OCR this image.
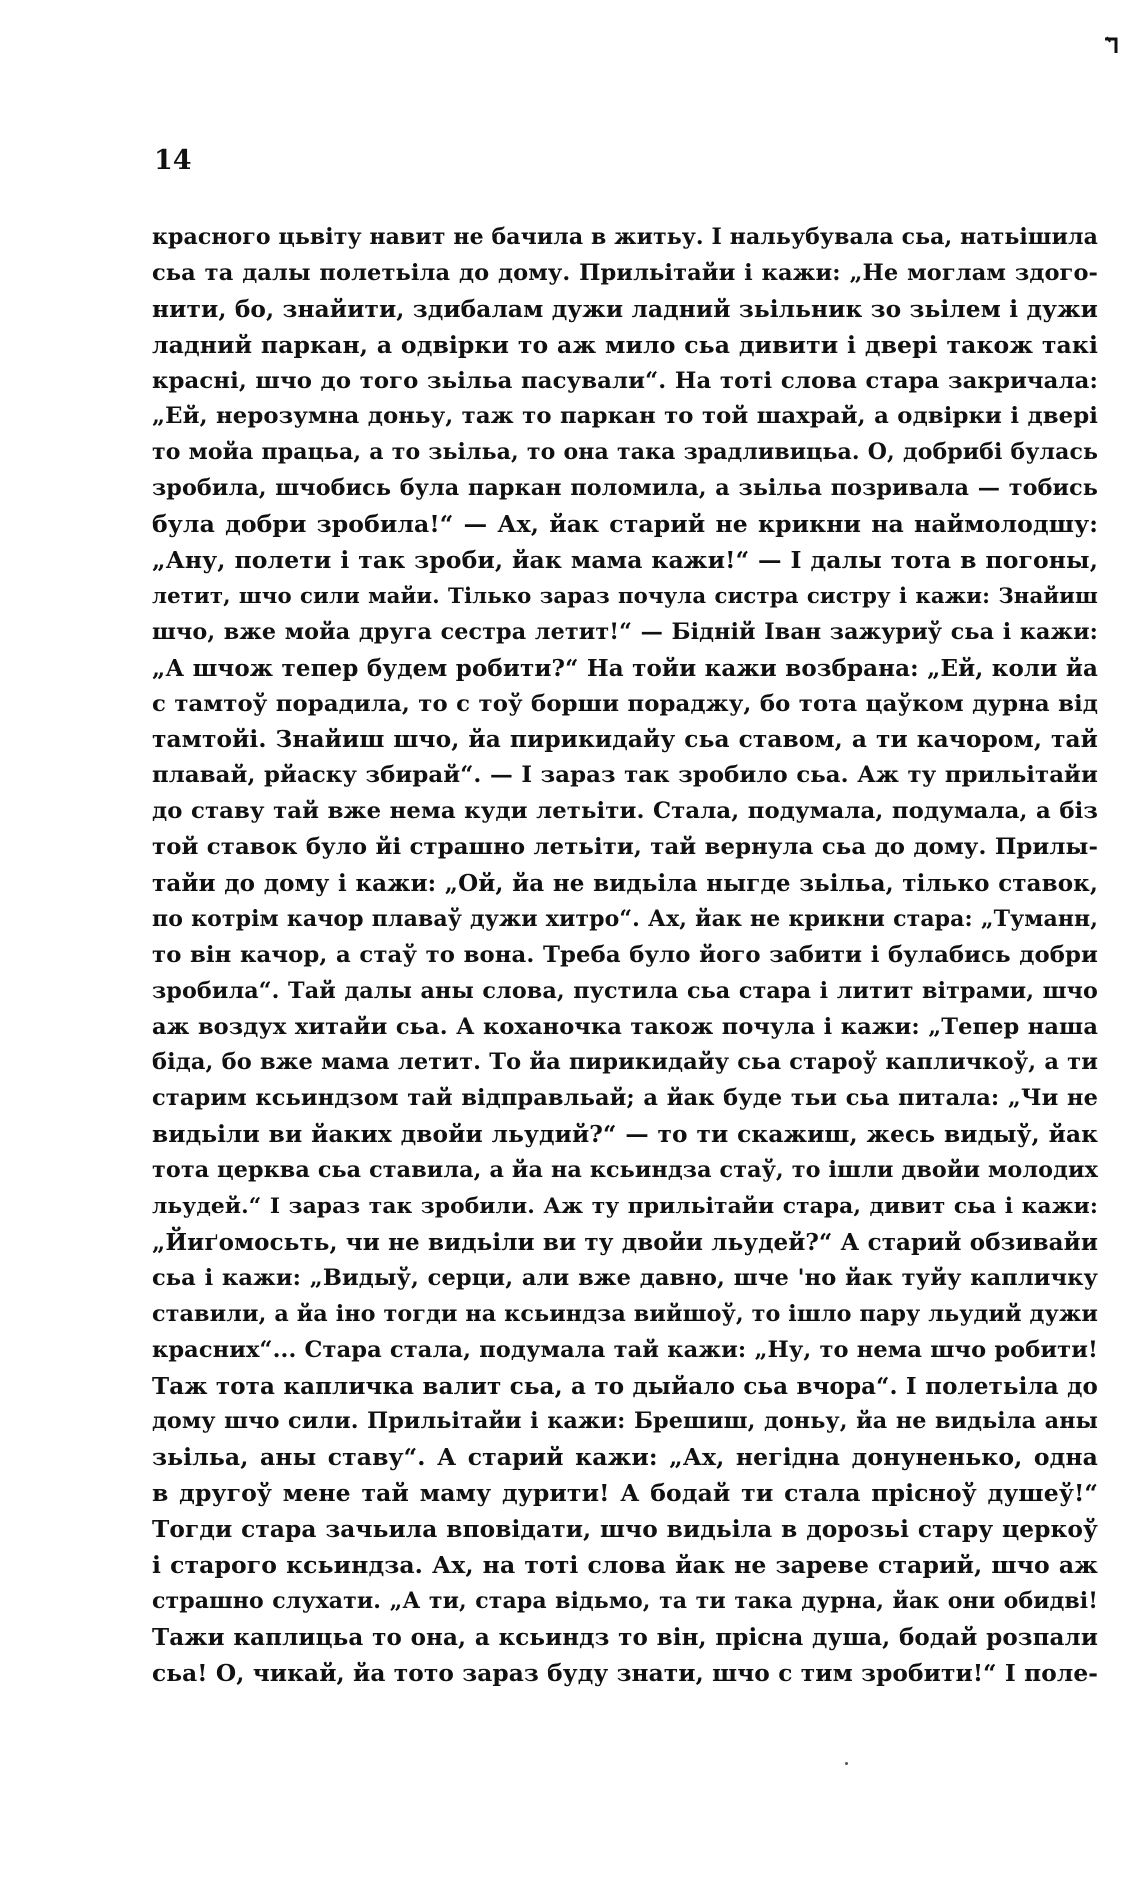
14
красного цьвіту навит не бачила в житьу. І нальубувала сьа, натьішила
сьа та далы полетьіла до дому. Прильітайи і кажи: „Не моглам здого-
нити, бо, знайити, здибалам дужи ладний зьільник зо зьілем і дужи
ладний паркан, а одвірки то аж мило сьа дивити і двері також такі
красні, шчо до того зьільа пасували“. На тоті слова стара закричала:
„Ей, нерозумна доньу, таж то паркан то той шахрай, а одвірки і двері
то мойа працьа, а то зьільа, то она така зрадливицьа. О, добрибі булась
зробила, шчобись була паркан поломила, а зьільа позривала — тобись
була добри зробила!“ — Ах, йак старий не крикни на наймолодшу:
„Ану, полети і так зроби, йак мама кажи!“ — І далы тота в погоны,
летит, шчо сили майи. Тілько зараз почула систра систру і кажи: Знайиш
шчо, вже мойа друга сестра летит!“ — Бідній Іван зажуриў сьа і кажи:
„А шчож тепер будем робити?“ На тойи кажи возбрана: „Ей, коли йа
с тамтоў порадила, то с тоў борши пораджу, бо тота цаўком дурна від
тамтойі. Знайиш шчо, йа пирикидайу сьа ставом, а ти качором, тай
плавай, рйаску збирай“. — І зараз так зробило сьа. Аж ту прильітайи
до ставу тай вже нема куди летьіти. Стала, подумала, подумала, а біз
той ставок було йі страшно летьіти, тай вернула сьа до дому. Прилы-
тайи до дому і кажи: „Ой, йа не видьіла ныгде зьільа, тілько ставок,
по котрім качор плаваў дужи хитро“. Ах, йак не крикни стара: „Туманн,
то він качор, а стаў то вона. Треба було його забити і булабись добри
зробила“. Тай далы аны слова, пустила сьа стара і литит вітрами, шчо
аж воздух хитайи сьа. А коханочка також почула і кажи: „Тепер наша
біда, бо вже мама летит. То йа пирикидайу сьа староў капличкоў, а ти
старим ксьиндзом тай відправльай; а йак буде тьи сьа питала: „Чи не
видьіли ви йаких двойи льудий?“ — то ти скажиш, жесь видыў, йак
тота церква сьа ставила, а йа на ксьиндза стаў, то ішли двойи молодих
льудей.“ І зараз так зробили. Аж ту прильітайи стара, дивит сьа і кажи:
„Йиґомосьть, чи не видьіли ви ту двойи льудей?“ А старий обзивайи
сьа і кажи: „Видыў, серци, али вже давно, шче 'но йак туйу капличку
ставили, а йа іно тогди на ксьиндза вийшоў, то ішло пару льудий дужи
красних“... Стара стала, подумала тай кажи: „Ну, то нема шчо робити!
Таж тота капличка валит сьа, а то дыйало сьа вчора“. І полетьіла до
дому шчо сили. Прильітайи і кажи: Брешиш, доньу, йа не видьіла аны
зьільа, аны ставу“. А старий кажи: „Ах, негідна донуненько, одна
в другоў мене тай маму дурити! А бодай ти стала прісноў душеў!“
Тогди стара зачьила вповідати, шчо видьіла в дорозьі стару церкоў
і старого ксьиндза. Ах, на тоті слова йак не зареве старий, шчо аж
страшно слухати. „А ти, стара відьмо, та ти така дурна, йак они обидві!
Тажи каплицьа то она, а ксьиндз то він, прісна душа, бодай розпали
сьа! О, чикай, йа тото зараз буду знати, шчо с тим зробити!“ І поле-
